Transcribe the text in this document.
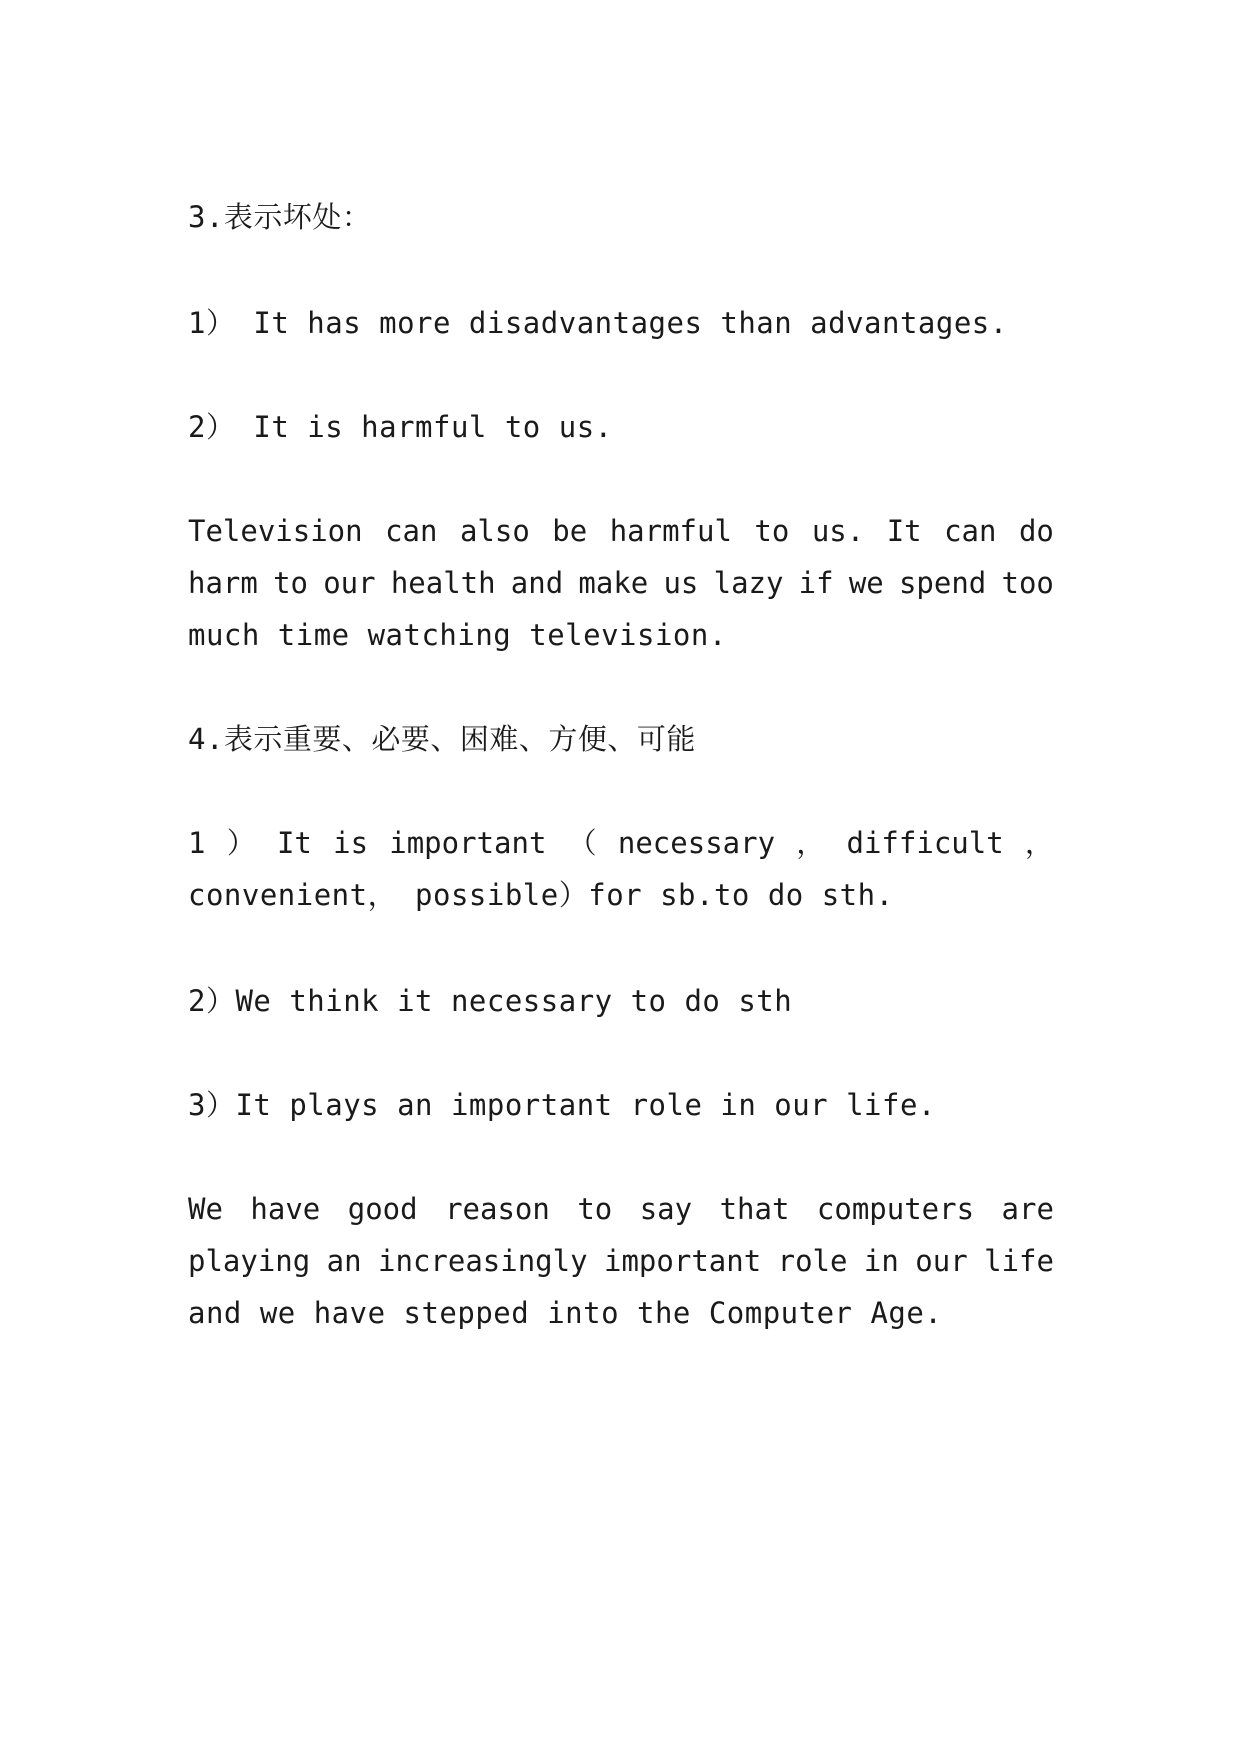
3.表示坏处：

1） It has more disadvantages than advantages.

2） It is harmful to us.

Television can also be harmful to us. It can do
harm to our health and make us lazy if we spend too

much time watching television.

4.表示重要、必要、困难、方便、可能

1 ） It is important （ necessary ， difficult ，

convenient， possible）for sb.to do sth.

2）We think it necessary to do sth

3）It plays an important role in our life.

We have good reason to say that computers are
playing an increasingly important role in our life

and we have stepped into the Computer Age.
